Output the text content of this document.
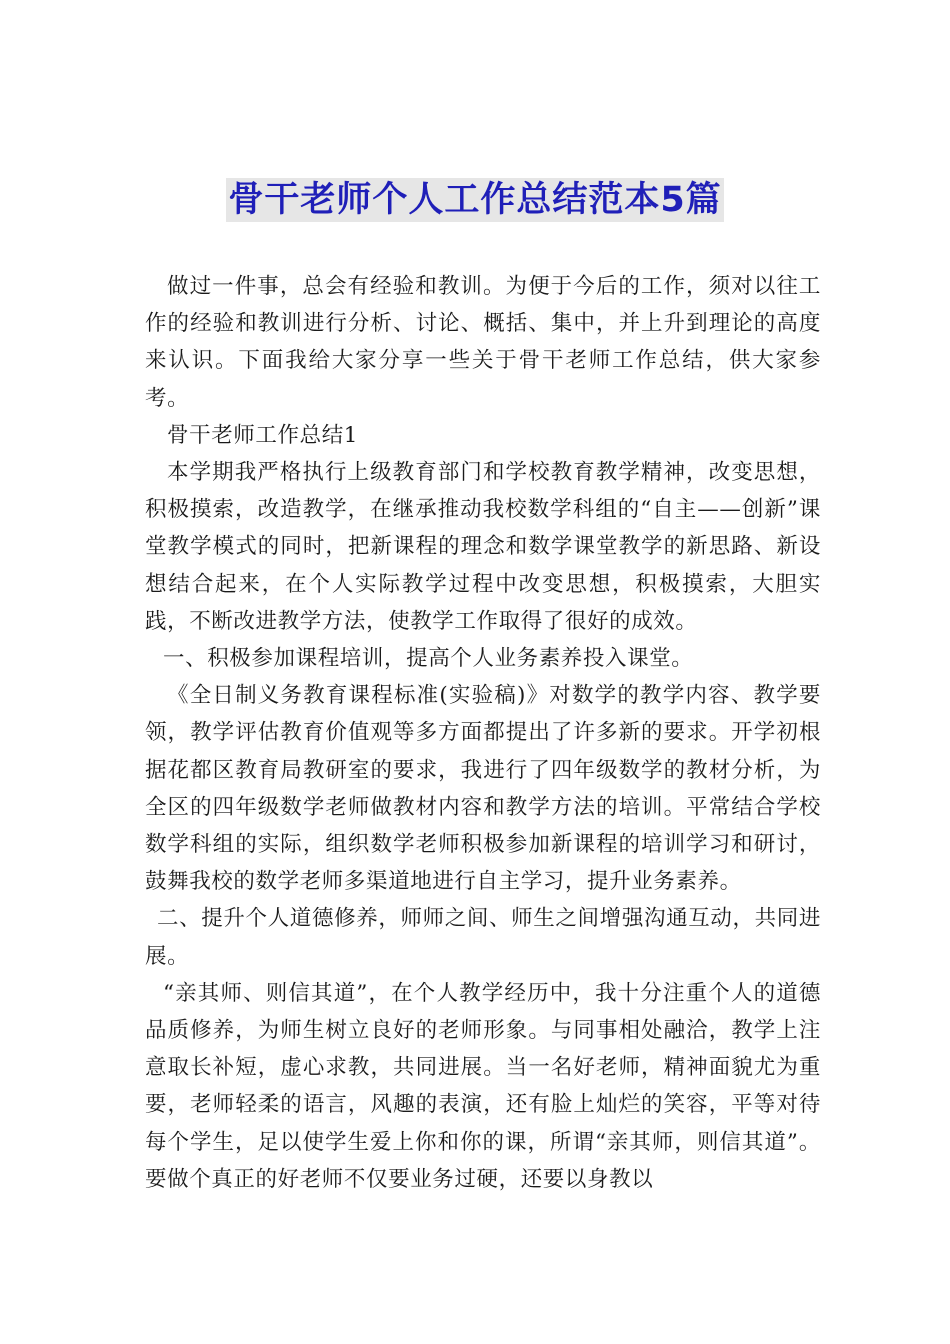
骨干老师个人工作总结范本5篇

做过一件事，总会有经验和教训。为便于今后的工作，须对以往工作的经验和教训进行分析、讨论、概括、集中，并上升到理论的高度来认识。下面我给大家分享一些关于骨干老师工作总结，供大家参考。

骨干老师工作总结1

本学期我严格执行上级教育部门和学校教育教学精神，改变思想，积极摸索，改造教学，在继承推动我校数学科组的“自主——创新”课堂教学模式的同时，把新课程的理念和数学课堂教学的新思路、新设想结合起来，在个人实际教学过程中改变思想，积极摸索，大胆实践，不断改进教学方法，使教学工作取得了很好的成效。

一、积极参加课程培训，提高个人业务素养投入课堂。

《全日制义务教育课程标准(实验稿)》对数学的教学内容、教学要领，教学评估教育价值观等多方面都提出了许多新的要求。开学初根据花都区教育局教研室的要求，我进行了四年级数学的教材分析，为全区的四年级数学老师做教材内容和教学方法的培训。平常结合学校数学科组的实际，组织数学老师积极参加新课程的培训学习和研讨，鼓舞我校的数学老师多渠道地进行自主学习，提升业务素养。

二、提升个人道德修养，师师之间、师生之间增强沟通互动，共同进展。

“亲其师、则信其道”，在个人教学经历中，我十分注重个人的道德品质修养，为师生树立良好的老师形象。与同事相处融洽，教学上注意取长补短，虚心求教，共同进展。当一名好老师，精神面貌尤为重要，老师轻柔的语言，风趣的表演，还有脸上灿烂的笑容，平等对待每个学生，足以使学生爱上你和你的课，所谓“亲其师，则信其道”。要做个真正的好老师不仅要业务过硬，还要以身教以
